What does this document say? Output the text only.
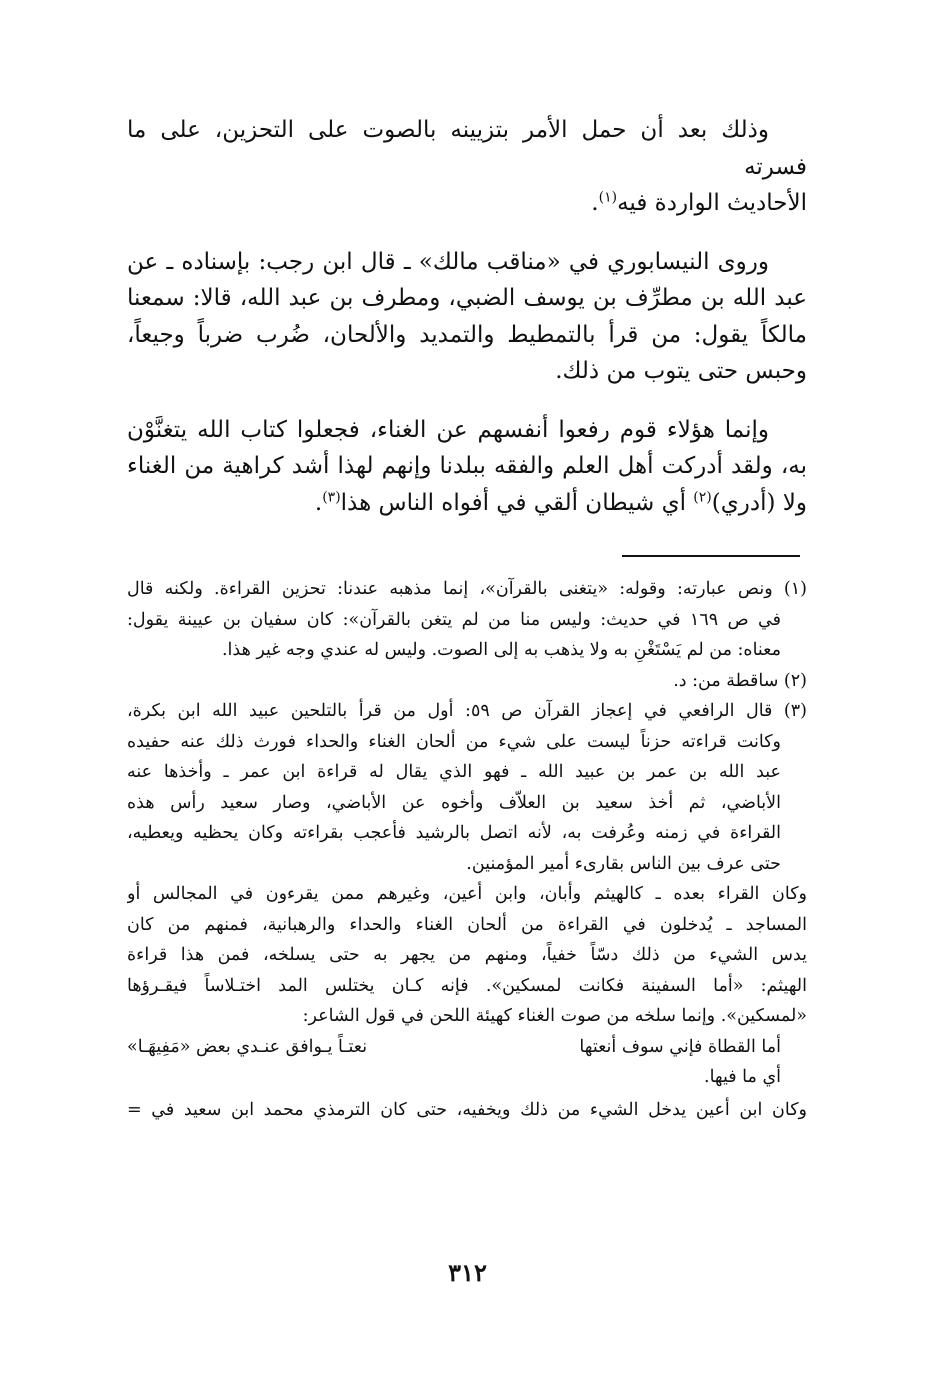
وذلك بعد أن حمل الأمر بتزيينه بالصوت على التحزين، على ما فسرته
الأحاديث الواردة فيه$^{(١)}$.

وروى النيسابوري في «مناقب مالك» ـ قال ابن رجب: بإسناده ـ عن
عبد الله بن مطرِّف بن يوسف الضبي، ومطرف بن عبد الله، قالا: سمعنا
مالكاً يقول: من قرأ بالتمطيط والتمديد والألحان، ضُرب ضرباً وجيعاً،
وحبس حتى يتوب من ذلك.

وإنما هؤلاء قوم رفعوا أنفسهم عن الغناء، فجعلوا كتاب الله يتغنَّوْن
به، ولقد أدركت أهل العلم والفقه ببلدنا وإنهم لهذا أشد كراهية من الغناء
ولا (أدري)$^{(٢)}$ أي شيطان ألقي في أفواه الناس هذا$^{(٣)}$.

(١) ونص عبارته: وقوله: «يتغنى بالقرآن»، إنما مذهبه عندنا: تحزين القراءة. ولكنه قال
في ص ١٦٩ في حديث: وليس منا من لم يتغن بالقرآن»: كان سفيان بن عيينة يقول:
معناه: من لم يَسْتَغْنِ به ولا يذهب به إلى الصوت. وليس له عندي وجه غير هذا.
(٢) ساقطة من: د.
(٣) قال الرافعي في إعجاز القرآن ص ٥٩: أول من قرأ بالتلحين عبيد الله ابن بكرة،
وكانت قراءته حزناً ليست على شيء من ألحان الغناء والحداء فورث ذلك عنه حفيده
عبد الله بن عمر بن عبيد الله ـ فهو الذي يقال له قراءة ابن عمر ـ وأخذها عنه
الأباضي، ثم أخذ سعيد بن العلاّف وأخوه عن الأباضي، وصار سعيد رأس هذه
القراءة في زمنه وعُرفت به، لأنه اتصل بالرشيد فأعجب بقراءته وكان يحظيه ويعطيه،
حتى عرف بين الناس بقارىء أمير المؤمنين.
وكان القراء بعده ـ كالهيثم وأبان، وابن أعين، وغيرهم ممن يقرءون في المجالس أو
المساجد ـ يُدخلون في القراءة من ألحان الغناء والحداء والرهبانية، فمنهم من كان
يدس الشيء من ذلك دسّاً خفياً، ومنهم من يجهر به حتى يسلخه، فمن هذا قراءة
الهيثم: «أما السفينة فكانت لمسكين». فإنه كـان يختلس المد اختـلاساً فيقـرؤها
«لمسكين». وإنما سلخه من صوت الغناء كهيئة اللحن في قول الشاعر:
أما القطاة فإني سوف أنعتها
نعتـاً يـوافق عنـدي بعض «مَفِيهَـا»
أي ما فيها.
وكان ابن أعين يدخل الشيء من ذلك ويخفيه، حتى كان الترمذي محمد ابن سعيد في =
٣١٢
